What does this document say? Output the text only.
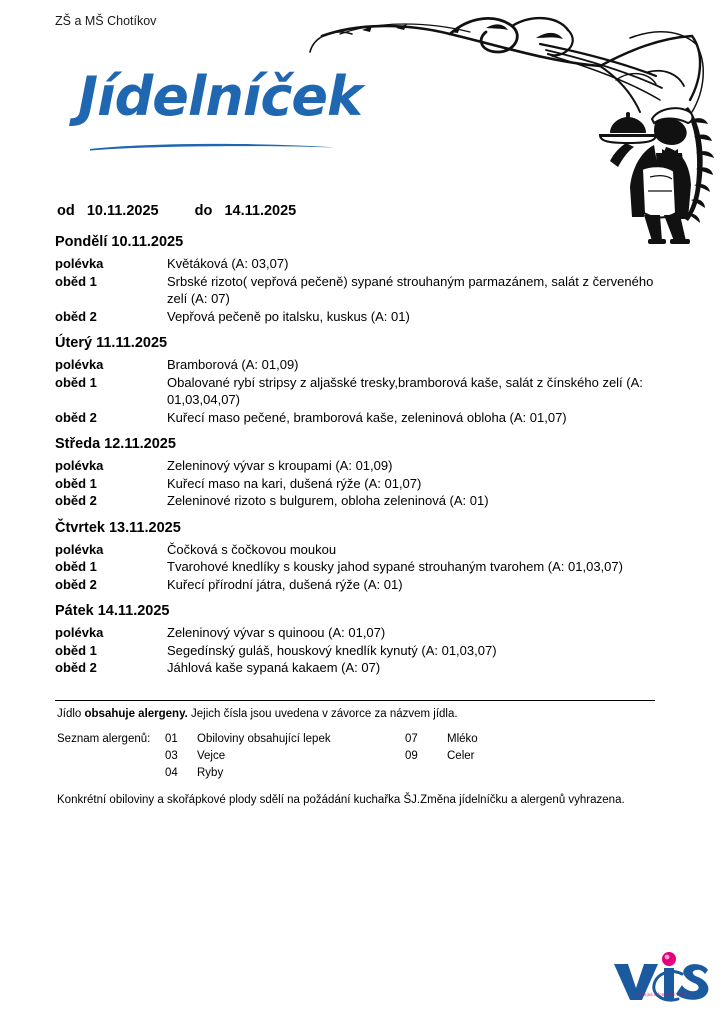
ZŠ a MŠ Chotíkov
Jídelníček
od 10.11.2025 do 14.11.2025
Pondělí 10.11.2025
polévka	Květáková (A: 03,07)
oběd 1	Srbské rizoto( vepřová pečeně) sypané strouhaným parmazánem, salát z červeného
zelí (A: 07)
oběd 2	Vepřová pečeně po italsku, kuskus (A: 01)
Úterý 11.11.2025
polévka	Bramborová (A: 01,09)
oběd 1	Obalované rybí stripsy z aljašské tresky,bramborová kaše, salát z čínského zelí (A:
01,03,04,07)
oběd 2	Kuřecí maso pečené, bramborová kaše, zeleninová obloha (A: 01,07)
Středa 12.11.2025
polévka	Zeleninový vývar s kroupami (A: 01,09)
oběd 1	Kuřecí maso na kari, dušená rýže (A: 01,07)
oběd 2	Zeleninové rizoto s bulgurem, obloha zeleninová (A: 01)
Čtvrtek 13.11.2025
polévka	Čočková s čočkovou moukou
oběd 1	Tvarohové knedlíky s kousky jahod sypané strouhaným tvarohem (A: 01,03,07)
oběd 2	Kuřecí přírodní játra, dušená rýže (A: 01)
Pátek 14.11.2025
polévka	Zeleninový vývar s quinoou (A: 01,07)
oběd 1	Segedínský guláš, houskový knedlík kynutý (A: 01,03,07)
oběd 2	Jáhlová kaše sypaná kakaem (A: 07)
Jídlo obsahuje alergeny. Jejich čísla jsou uvedena v závorce za názvem jídla.
Seznam alergenů:	01	Obiloviny obsahující lepek	07	Mléko
03	Vejce	09	Celer
04	Ryby
Konkrétní obiloviny a skořápkové plody sdělí na požádání kuchařka ŠJ.Změna jídelníčku a alergenů vyhrazena.
veřejná informační služba
